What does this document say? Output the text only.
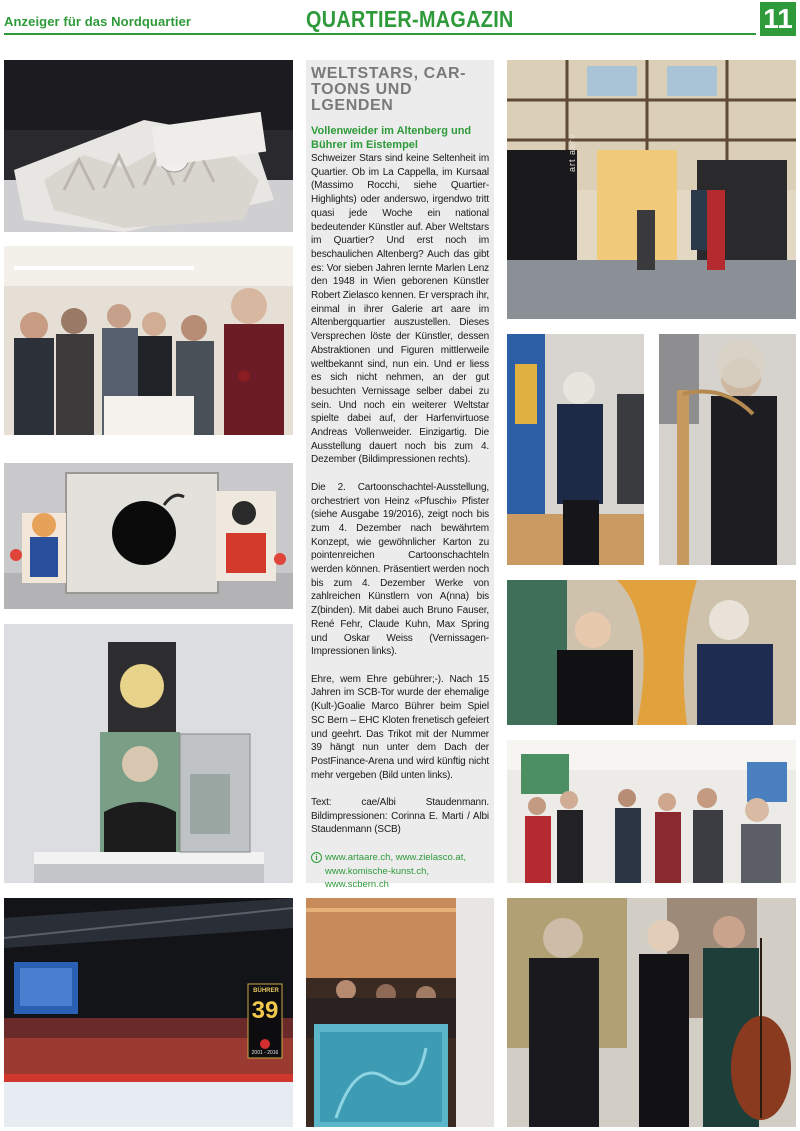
Anzeiger für das Nordquartier	QUARTIER-MAGAZIN	11
BÜHRER
39
2001 - 2016
WELTSTARS, CAR-
TOONS UND LGENDEN
Vollenweider im Altenberg und Bührer im Eistempel

Schweizer Stars sind keine Seltenheit im Quartier. Ob im La Cappella, im Kursaal (Massimo Rocchi, siehe Quartier-Highlights) oder anderswo, irgendwo tritt quasi jede Woche ein national bedeutender Künstler auf. Aber Weltstars im Quartier? Und erst noch im beschaulichen Altenberg? Auch das gibt es: Vor sieben Jahren lernte Marlen Lenz den 1948 in Wien geborenen Künstler Robert Zielasco kennen. Er versprach ihr, einmal in ihrer Galerie art aare im Altenbergquartier auszustellen. Dieses Versprechen löste der Künstler, dessen Abstraktionen und Figuren mittlerweile weltbekannt sind, nun ein. Und er liess es sich nicht nehmen, an der gut besuchten Vernissage selber dabei zu sein. Und noch ein weiterer Weltstar spielte dabei auf, der Harfenvirtuose Andreas Vollenweider. Einzigartig. Die Ausstellung dauert noch bis zum 4. Dezember (Bildimpressionen rechts).

Die 2. Cartoonschachtel-Ausstellung, orchestriert von Heinz «Pfuschi» Pfister (siehe Ausgabe 19/2016), zeigt noch bis zum 4. Dezember nach bewährtem Konzept, wie gewöhnlicher Karton zu pointenreichen Cartoonschachteln werden können. Präsentiert werden noch bis zum 4. Dezember Werke von zahlreichen Künstlern von A(nna) bis Z(binden). Mit dabei auch Bruno Fauser, René Fehr, Claude Kuhn, Max Spring und Oskar Weiss (Vernissagen-Impressionen links).

Ehre, wem Ehre gebührer;-). Nach 15 Jahren im SCB-Tor wurde der ehemalige (Kult-)Goalie Marco Bührer beim Spiel SC Bern – EHC Kloten frenetisch gefeiert und geehrt. Das Trikot mit der Nummer 39 hängt nun unter dem Dach der PostFinance-Arena und wird künftig nicht mehr vergeben (Bild unten links).

Text: cae/Albi Staudenmann. Bildimpressionen: Corinna E. Marti / Albi Staudenmann (SCB)

i www.artaare.ch, www.zielasco.at,
www.komische-kunst.ch, www.scbern.ch
art aare
